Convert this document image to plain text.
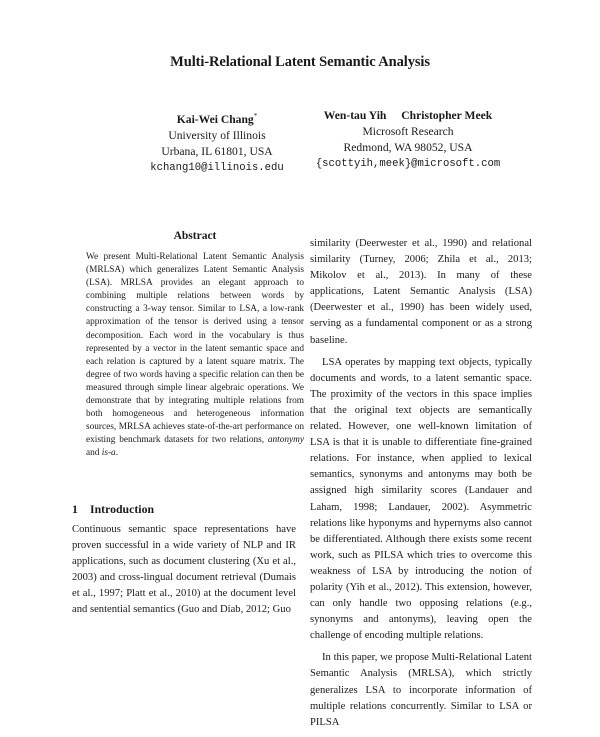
Multi-Relational Latent Semantic Analysis
Kai-Wei Chang*
University of Illinois
Urbana, IL 61801, USA
kchang10@illinois.edu
Wen-tau Yih Christopher Meek
Microsoft Research
Redmond, WA 98052, USA
{scottyih,meek}@microsoft.com
Abstract

We present Multi-Relational Latent Semantic Analysis (MRLSA) which generalizes Latent Semantic Analysis (LSA). MRLSA provides an elegant approach to combining multiple relations between words by constructing a 3-way tensor. Similar to LSA, a low-rank approximation of the tensor is derived using a tensor decomposition. Each word in the vocabulary is thus represented by a vector in the latent semantic space and each relation is captured by a latent square matrix. The degree of two words having a specific relation can then be measured through simple linear algebraic operations. We demonstrate that by integrating multiple relations from both homogeneous and heterogeneous information sources, MRLSA achieves state-of-the-art performance on existing benchmark datasets for two relations, antonymy and is-a.

1 Introduction

Continuous semantic space representations have proven successful in a wide variety of NLP and IR applications, such as document clustering (Xu et al., 2003) and cross-lingual document retrieval (Dumais et al., 1997; Platt et al., 2010) at the document level and sentential semantics (Guo and Diab, 2012; Guo

similarity (Deerwester et al., 1990) and relational similarity (Turney, 2006; Zhila et al., 2013; Mikolov et al., 2013). In many of these applications, Latent Semantic Analysis (LSA) (Deerwester et al., 1990) has been widely used, serving as a fundamental component or as a strong baseline.

LSA operates by mapping text objects, typically documents and words, to a latent semantic space. The proximity of the vectors in this space implies that the original text objects are semantically related. However, one well-known limitation of LSA is that it is unable to differentiate fine-grained relations. For instance, when applied to lexical semantics, synonyms and antonyms may both be assigned high similarity scores (Landauer and Laham, 1998; Landauer, 2002). Asymmetric relations like hyponyms and hypernyms also cannot be differentiated. Although there exists some recent work, such as PILSA which tries to overcome this weakness of LSA by introducing the notion of polarity (Yih et al., 2012). This extension, however, can only handle two opposing relations (e.g., synonyms and antonyms), leaving open the challenge of encoding multiple relations.

In this paper, we propose Multi-Relational Latent Semantic Analysis (MRLSA), which strictly generalizes LSA to incorporate information of multiple relations concurrently. Similar to LSA or PILSA
